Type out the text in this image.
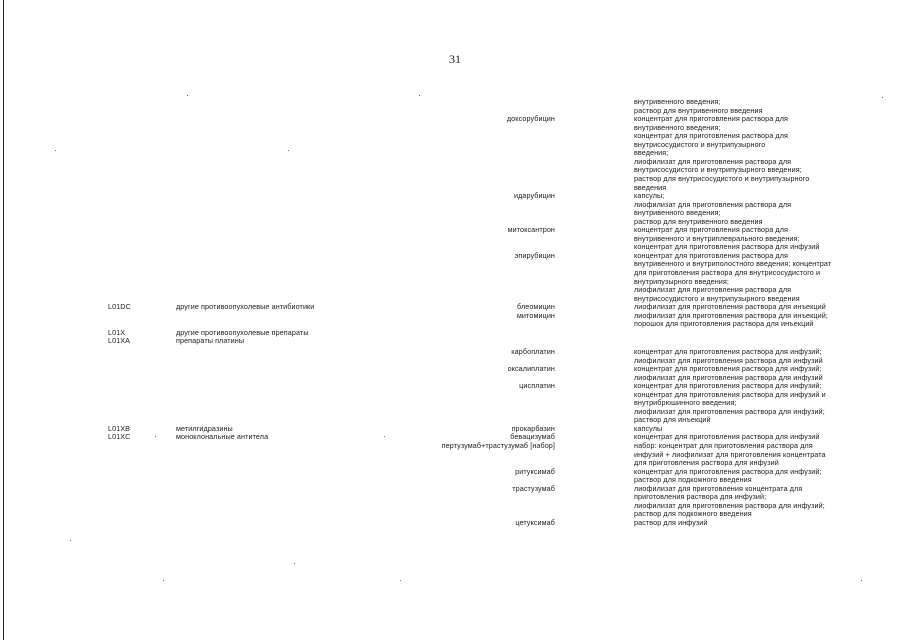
31
внутривенного введения;
раствор для внутривенного введения
доксорубицин	концентрат для приготовления раствора для
внутривенного введения;
концентрат для приготовления раствора для
внутрисосудистого и внутрипузырного
введения;
лиофилизат для приготовления раствора для
внутрисосудистого и внутрипузырного введения;
раствор для внутрисосудистого и внутрипузырного
введения
идарубицин	капсулы;
лиофилизат для приготовления раствора для
внутривенного введения;
раствор для внутривенного введения
митоксантрон	концентрат для приготовления раствора для
внутривенного и внутриплеврального введения;
концентрат для приготовления раствора для инфузий
эпирубицин	концентрат для приготовления раствора для
внутривенного и внутриполостного введения; концентрат
для приготовления раствора для внутрисосудистого и
внутрипузырного введения;
лиофилизат для приготовления раствора для
внутрисосудистого и внутрипузырного введения
L01DC	другие противоопухолевые антибиотики	блеомицин	лиофилизат для приготовления раствора для инъекций
митомицин	лиофилизат для приготовления раствора для инъекций;
порошок для приготовления раствора для инъекций
L01X	другие противоопухолевые препараты
L01XA	препараты платины
карбоплатин	концентрат для приготовления раствора для инфузий;
лиофилизат для приготовления раствора для инфузий
оксалиплатин	концентрат для приготовления раствора для инфузий;
лиофилизат для приготовления раствора для инфузий
цисплатин	концентрат для приготовления раствора для инфузий;
концентрат для приготовления раствора для инфузий и
внутрибрюшинного введения;
лиофилизат для приготовления раствора для инфузий;
раствор для инъекций
L01XB	метилгидразины	прокарбазин	капсулы
L01XC	моноклональные антитела	бевацизумаб	концентрат для приготовления раствора для инфузий
пертузумаб+трастузумаб [набор]	набор: концентрат для приготовления раствора для
инфузий + лиофилизат для приготовления концентрата
для приготовления раствора для инфузий
ритуксимаб	концентрат для приготовления раствора для инфузий;
раствор для подкожного введения
трастузумаб	лиофилизат для приготовления концентрата для
приготовления раствора для инфузий;
лиофилизат для приготовления раствора для инфузий;
раствор для подкожного введения
цетуксимаб	раствор для инфузий
